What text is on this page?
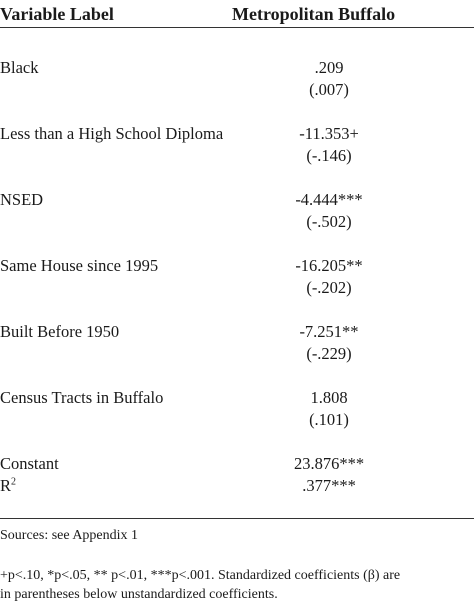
Variable Label	Metropolitan Buffalo
Black	.209
(.007)
Less than a High School Diploma	-11.353+
(-.146)
NSED	-4.444***
(-.502)
Same House since 1995	-16.205**
(-.202)
Built Before 1950	-7.251**
(-.229)
Census Tracts in Buffalo	1.808
(.101)
Constant	23.876***
$R^2$	.377***
Sources: see Appendix 1
+p<.10, *p<.05, ** p<.01, ***p<.001. Standardized coefficients (β) are
in parentheses below unstandardized coefficients.
